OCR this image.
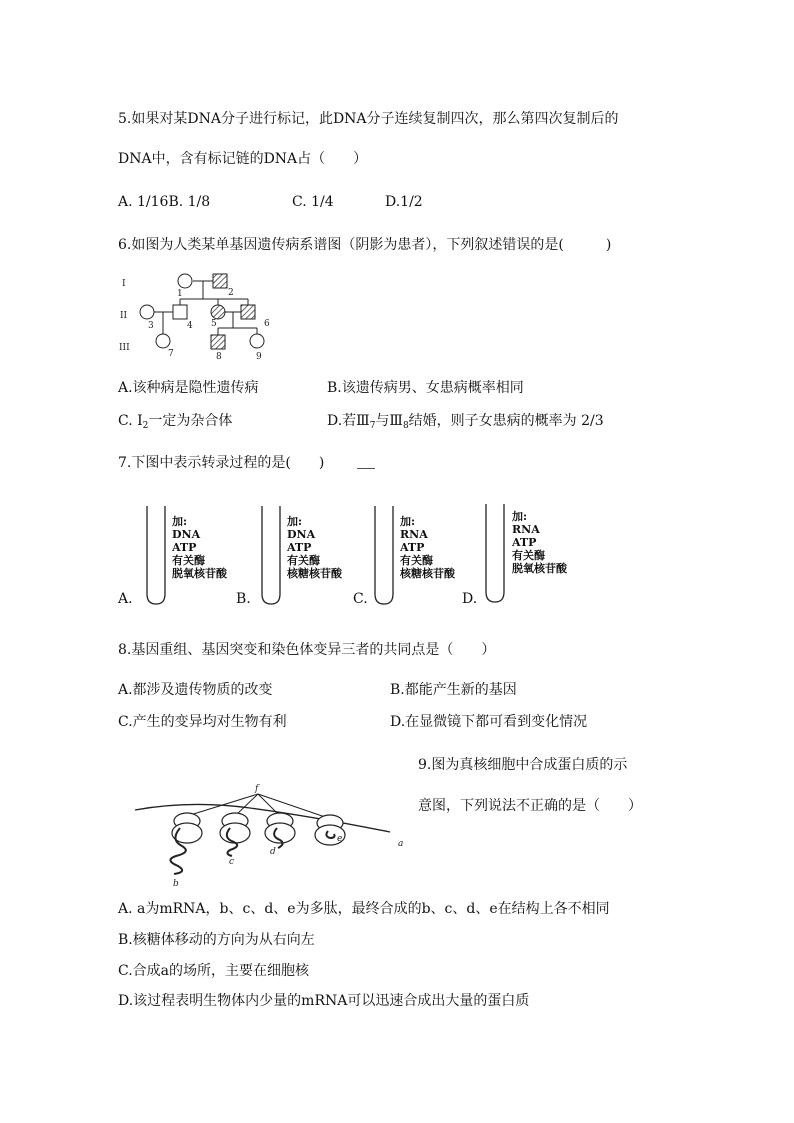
5.如果对某DNA分子进行标记，此DNA分子连续复制四次，那么第四次复制后的
DNA中，含有标记链的DNA占（　　）
A. 1/16B. 1/8	C. 1/4	D.1/2
6.如图为人类某单基因遗传病系谱图（阴影为患者），下列叙述错误的是(　　　)
I
II
III
1	2
3	4 5	6
7	8	9
A.该种病是隐性遗传病	B.该遗传病男、女患病概率相同
C. $Ⅰ_2$一定为杂合体	D.若$Ⅲ_7$与$Ⅲ_8$结婚，则子女患病的概率为 2/3
7.下图中表示转录过程的是(　　)
A.
加:
DNA
ATP
有关酶
脱氧核苷酸
B.
加:
DNA
ATP
有关酶
核糖核苷酸
C.
加:
RNA
ATP
有关酶
核糖核苷酸
D.
加:
RNA
ATP
有关酶
脱氧核苷酸
8.基因重组、基因突变和染色体变异三者的共同点是（　　）
A.都涉及遗传物质的改变	B.都能产生新的基因
C.产生的变异均对生物有利	D.在显微镜下都可看到变化情况
9.图为真核细胞中合成蛋白质的示
意图，下列说法不正确的是（　　）
f
a
b
c
d
e
A. a为mRNA，b、c、d、e为多肽，最终合成的b、c、d、e在结构上各不相同
B.核糖体移动的方向为从右向左
C.合成a的场所，主要在细胞核
D.该过程表明生物体内少量的mRNA可以迅速合成出大量的蛋白质
